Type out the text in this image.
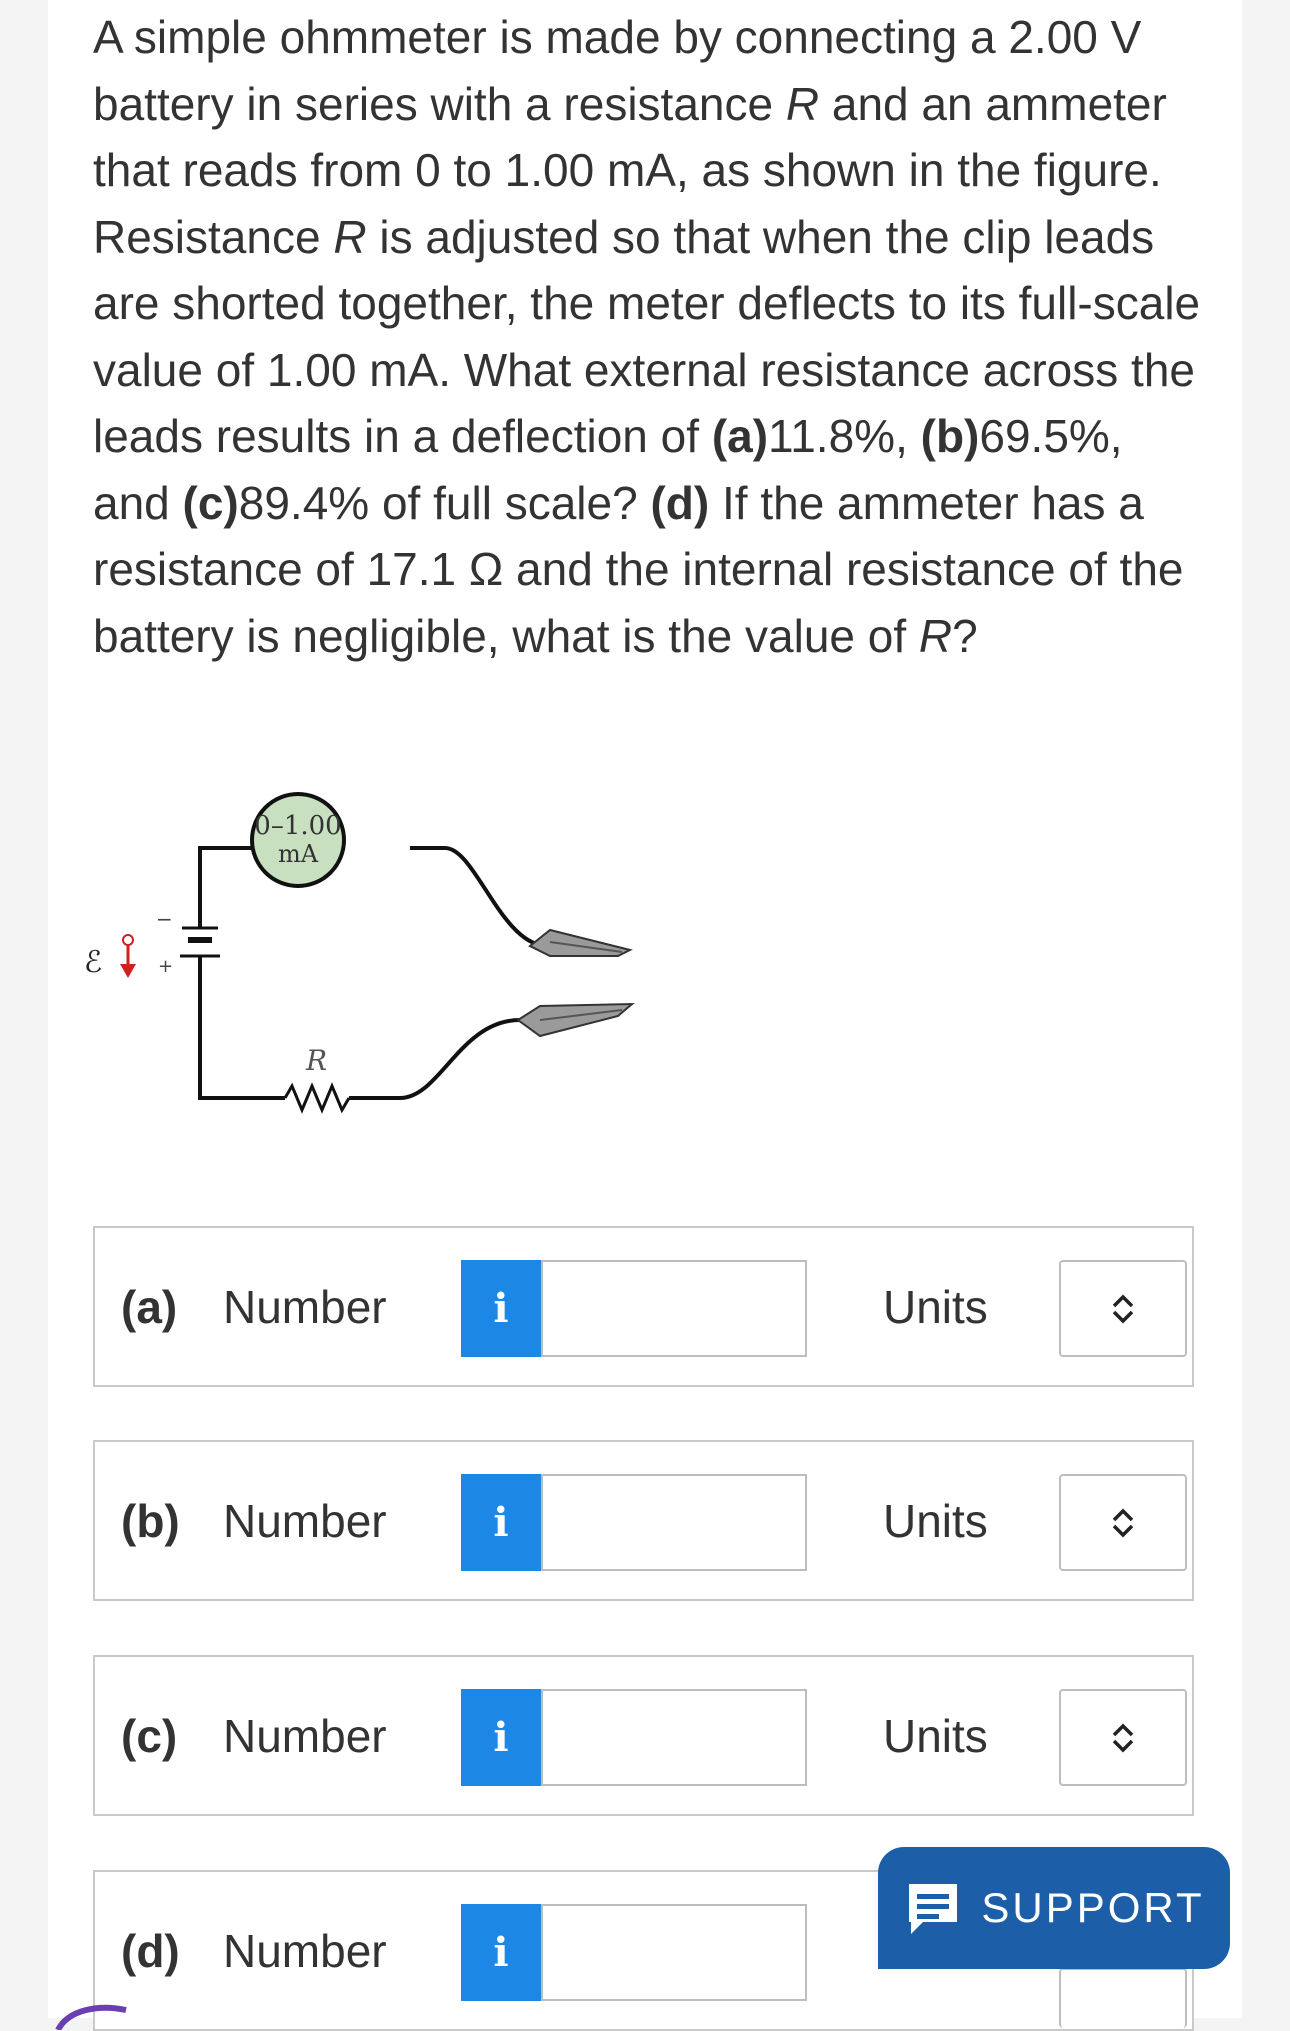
A simple ohmmeter is made by connecting a 2.00 V battery in series with a resistance R and an ammeter that reads from 0 to 1.00 mA, as shown in the figure. Resistance R is adjusted so that when the clip leads are shorted together, the meter deflects to its full-scale value of 1.00 mA. What external resistance across the leads results in a deflection of (a)11.8%, (b)69.5%, and (c)89.4% of full scale? (d) If the ammeter has a resistance of 17.1 Ω and the internal resistance of the battery is negligible, what is the value of R?

−
+
ℰ
0–1.00
mA
R
(a) Number	i	Units
(b) Number	i	Units
(c) Number	i	Units
(d) Number	i
SUPPORT
